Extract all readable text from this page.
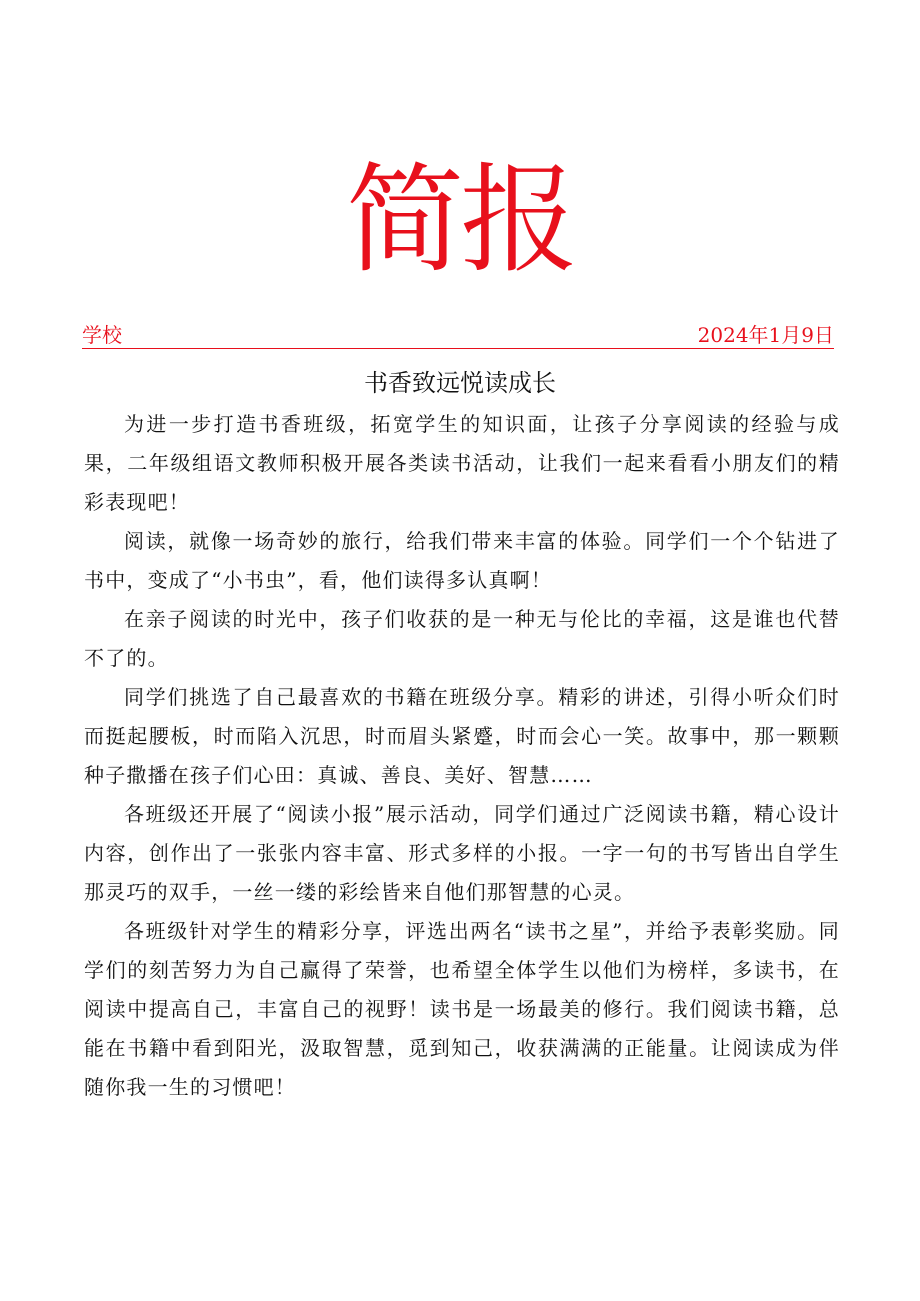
简报
学校	2024年1月9日
书香致远悦读成长

为进一步打造书香班级，拓宽学生的知识面，让孩子分享阅读的经验与成果，二年级组语文教师积极开展各类读书活动，让我们一起来看看小朋友们的精彩表现吧！

阅读，就像一场奇妙的旅行，给我们带来丰富的体验。同学们一个个钻进了书中，变成了“小书虫”，看，他们读得多认真啊！

在亲子阅读的时光中，孩子们收获的是一种无与伦比的幸福，这是谁也代替不了的。

同学们挑选了自己最喜欢的书籍在班级分享。精彩的讲述，引得小听众们时而挺起腰板，时而陷入沉思，时而眉头紧蹙，时而会心一笑。故事中，那一颗颗种子撒播在孩子们心田：真诚、善良、美好、智慧……

各班级还开展了“阅读小报”展示活动，同学们通过广泛阅读书籍，精心设计内容，创作出了一张张内容丰富、形式多样的小报。一字一句的书写皆出自学生那灵巧的双手，一丝一缕的彩绘皆来自他们那智慧的心灵。

各班级针对学生的精彩分享，评选出两名“读书之星”，并给予表彰奖励。同学们的刻苦努力为自己赢得了荣誉，也希望全体学生以他们为榜样，多读书，在阅读中提高自己，丰富自己的视野！读书是一场最美的修行。我们阅读书籍，总能在书籍中看到阳光，汲取智慧，觅到知己，收获满满的正能量。让阅读成为伴随你我一生的习惯吧！
